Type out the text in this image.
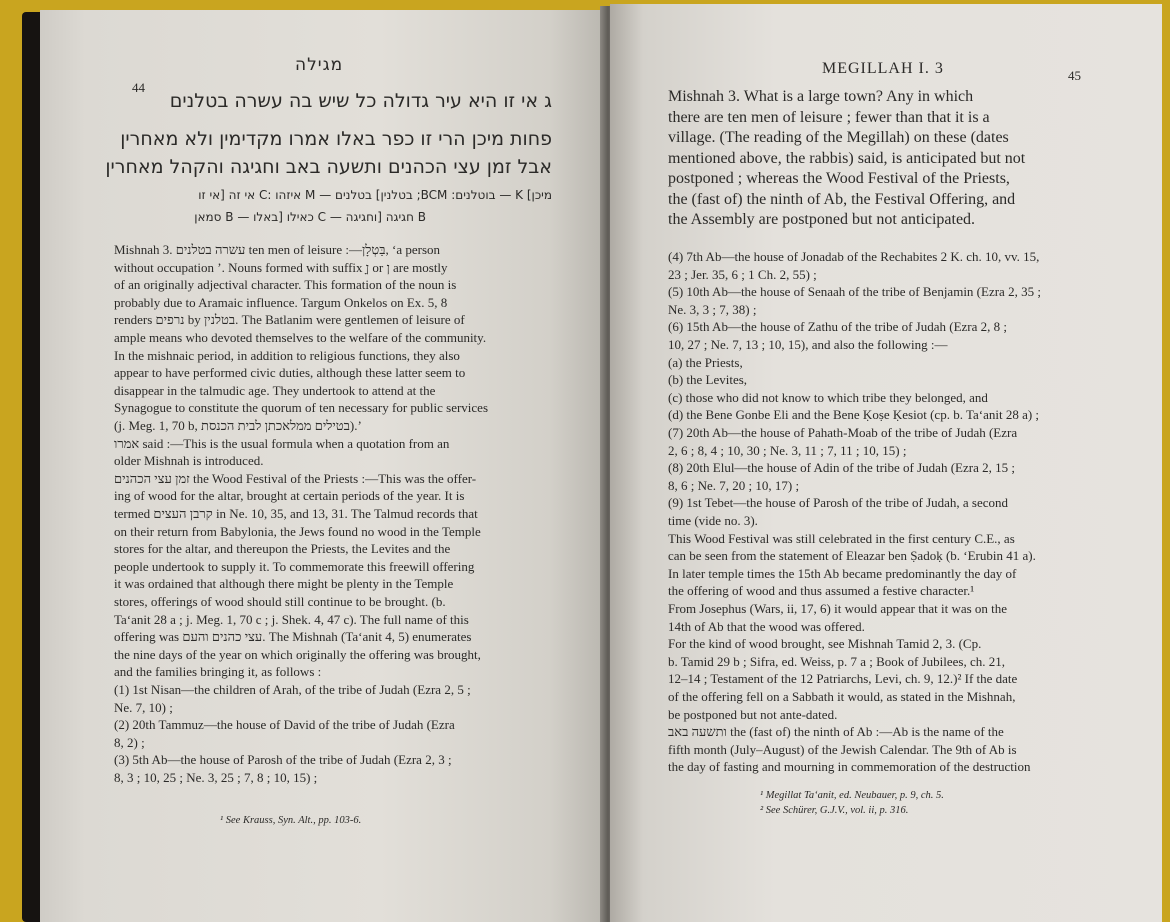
מגילה
44
ג אי זו היא עיר גדולה כל שיש בה עשרה בטלנים
פחות מיכן הרי זו כפר באלו אמרו מקדימין ולא מאחרין
אבל זמן עצי הכהנים ותשעה באב וחגיגה והקהל מאחרין
מיכן] K — בוטלנים: BCM; בטלנין] בטלנים — M איזהו :C אי זה [אי זו
B חגיגה [וחגיגה — C כאילו [באלו — B סמאן
Mishnah 3. עשרה בטלנים ten men of leisure :—בַּטְלָן, ‘a person
without occupation ’. Nouns formed with suffix ָן or ן are mostly
of an originally adjectival character. This formation of the noun is
probably due to Aramaic influence. Targum Onkelos on Ex. 5, 8
renders נרפים by בטלנין. The Batlanim were gentlemen of leisure of
ample means who devoted themselves to the welfare of the community.
In the mishnaic period, in addition to religious functions, they also
appear to have performed civic duties, although these latter seem to
disappear in the talmudic age. They undertook to attend at the
Synagogue to constitute the quorum of ten necessary for public services
(j. Meg. 1, 70 b, בטילים ממלאכתן לבית הכנסת).’
אמרו said :—This is the usual formula when a quotation from an
older Mishnah is introduced.
זמן עצי הכהנים the Wood Festival of the Priests :—This was the offer-
ing of wood for the altar, brought at certain periods of the year. It is
termed קרבן העצים in Ne. 10, 35, and 13, 31. The Talmud records that
on their return from Babylonia, the Jews found no wood in the Temple
stores for the altar, and thereupon the Priests, the Levites and the
people undertook to supply it. To commemorate this freewill offering
it was ordained that although there might be plenty in the Temple
stores, offerings of wood should still continue to be brought. (b.
Ta‘anit 28 a ; j. Meg. 1, 70 c ; j. Shek. 4, 47 c). The full name of this
offering was עצי כהנים והעם. The Mishnah (Ta‘anit 4, 5) enumerates
the nine days of the year on which originally the offering was brought,
and the families bringing it, as follows :
(1) 1st Nisan—the children of Arah, of the tribe of Judah (Ezra 2, 5 ;
Ne. 7, 10) ;
(2) 20th Tammuz—the house of David of the tribe of Judah (Ezra
8, 2) ;
(3) 5th Ab—the house of Parosh of the tribe of Judah (Ezra 2, 3 ;
8, 3 ; 10, 25 ; Ne. 3, 25 ; 7, 8 ; 10, 15) ;
¹ See Krauss, Syn. Alt., pp. 103-6.
MEGILLAH I. 3	45
Mishnah 3. What is a large town? Any in which
there are ten men of leisure ; fewer than that it is a
village. (The reading of the Megillah) on these (dates
mentioned above, the rabbis) said, is anticipated but not
postponed ; whereas the Wood Festival of the Priests,
the (fast of) the ninth of Ab, the Festival Offering, and
the Assembly are postponed but not anticipated.
(4) 7th Ab—the house of Jonadab of the Rechabites 2 K. ch. 10, vv. 15,
23 ; Jer. 35, 6 ; 1 Ch. 2, 55) ;
(5) 10th Ab—the house of Senaah of the tribe of Benjamin (Ezra 2, 35 ;
Ne. 3, 3 ; 7, 38) ;
(6) 15th Ab—the house of Zathu of the tribe of Judah (Ezra 2, 8 ;
10, 27 ; Ne. 7, 13 ; 10, 15), and also the following :—
(a) the Priests,
(b) the Levites,
(c) those who did not know to which tribe they belonged, and
(d) the Bene Gonbe Eli and the Bene Ḳoṣe Ḳesiot (cp. b. Ta‘anit 28 a) ;
(7) 20th Ab—the house of Pahath-Moab of the tribe of Judah (Ezra
2, 6 ; 8, 4 ; 10, 30 ; Ne. 3, 11 ; 7, 11 ; 10, 15) ;
(8) 20th Elul—the house of Adin of the tribe of Judah (Ezra 2, 15 ;
8, 6 ; Ne. 7, 20 ; 10, 17) ;
(9) 1st Tebet—the house of Parosh of the tribe of Judah, a second
time (vide no. 3).
This Wood Festival was still celebrated in the first century C.E., as
can be seen from the statement of Eleazar ben Ṣadoḳ (b. ‘Erubin 41 a).
In later temple times the 15th Ab became predominantly the day of
the offering of wood and thus assumed a festive character.¹
From Josephus (Wars, ii, 17, 6) it would appear that it was on the
14th of Ab that the wood was offered.
For the kind of wood brought, see Mishnah Tamid 2, 3. (Cp.
b. Tamid 29 b ; Sifra, ed. Weiss, p. 7 a ; Book of Jubilees, ch. 21,
12–14 ; Testament of the 12 Patriarchs, Levi, ch. 9, 12.)² If the date
of the offering fell on a Sabbath it would, as stated in the Mishnah,
be postponed but not ante-dated.
ותשעה באב the (fast of) the ninth of Ab :—Ab is the name of the
fifth month (July–August) of the Jewish Calendar. The 9th of Ab is
the day of fasting and mourning in commemoration of the destruction
¹ Megillat Ta‘anit, ed. Neubauer, p. 9, ch. 5.
² See Schürer, G.J.V., vol. ii, p. 316.
